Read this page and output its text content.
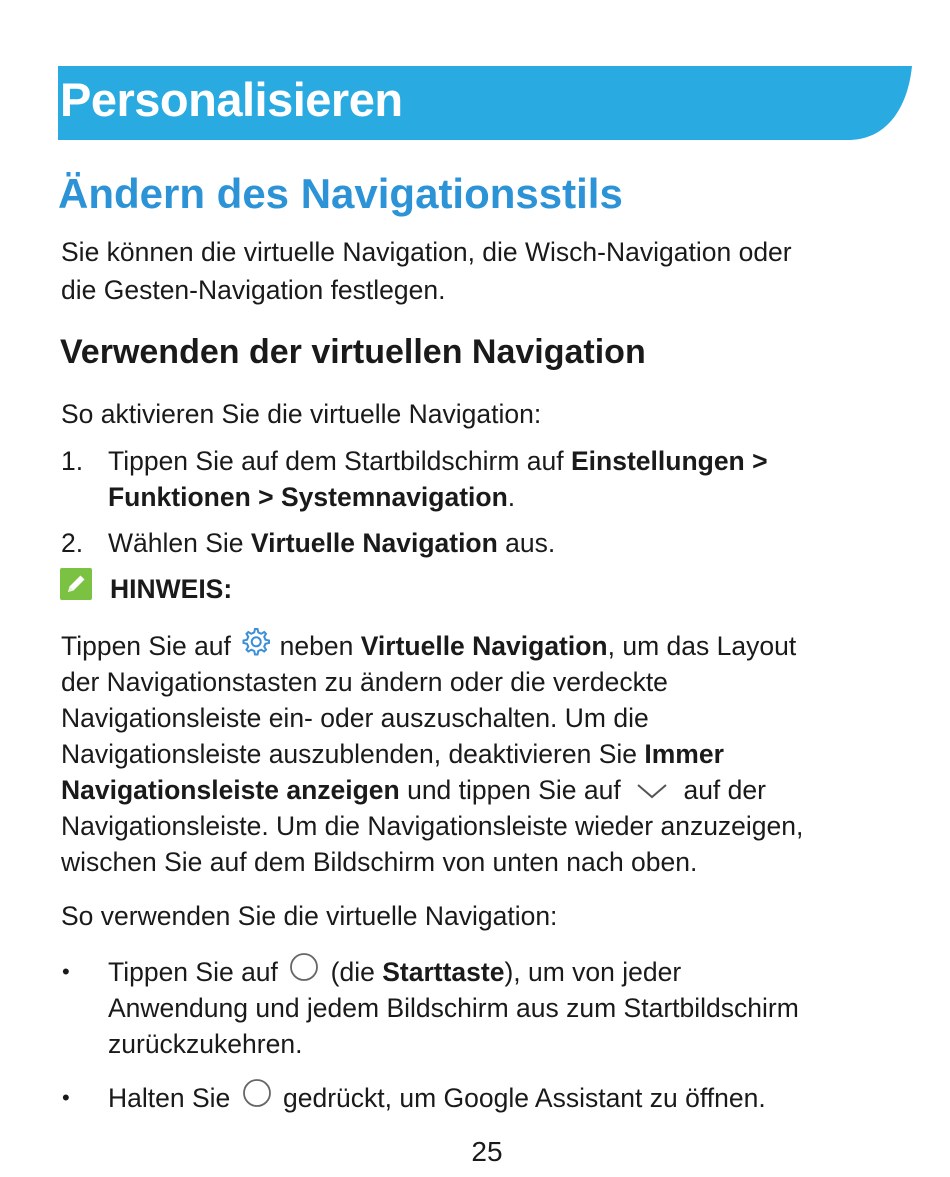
Personalisieren
Ändern des Navigationsstils
Sie können die virtuelle Navigation, die Wisch-Navigation oder
die Gesten-Navigation festlegen.
Verwenden der virtuellen Navigation
So aktivieren Sie die virtuelle Navigation:
1. Tippen Sie auf dem Startbildschirm auf Einstellungen >
Funktionen > Systemnavigation.
2. Wählen Sie Virtuelle Navigation aus.
HINWEIS:
Tippen Sie auf  neben Virtuelle Navigation, um das Layout
der Navigationstasten zu ändern oder die verdeckte
Navigationsleiste ein- oder auszuschalten. Um die
Navigationsleiste auszublenden, deaktivieren Sie Immer
Navigationsleiste anzeigen und tippen Sie auf  auf der
Navigationsleiste. Um die Navigationsleiste wieder anzuzeigen,
wischen Sie auf dem Bildschirm von unten nach oben.
So verwenden Sie die virtuelle Navigation:
• Tippen Sie auf  (die Starttaste), um von jeder
Anwendung und jedem Bildschirm aus zum Startbildschirm
zurückzukehren.
• Halten Sie  gedrückt, um Google Assistant zu öffnen.
25
